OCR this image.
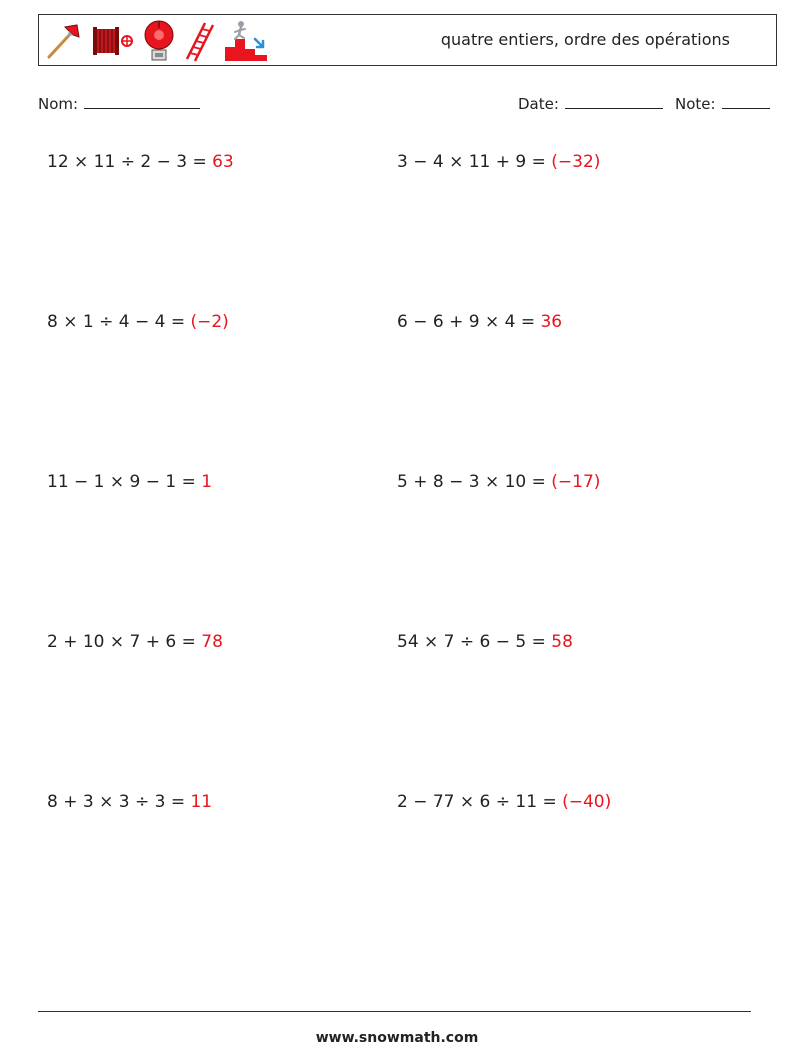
quatre entiers, ordre des opérations
Nom:	Date:	Note:
12 × 11 ÷ 2 − 3 = 63
8 × 1 ÷ 4 − 4 = (−2)
11 − 1 × 9 − 1 = 1
2 + 10 × 7 + 6 = 78
8 + 3 × 3 ÷ 3 = 11
3 − 4 × 11 + 9 = (−32)
6 − 6 + 9 × 4 = 36
5 + 8 − 3 × 10 = (−17)
54 × 7 ÷ 6 − 5 = 58
2 − 77 × 6 ÷ 11 = (−40)
www.snowmath.com
